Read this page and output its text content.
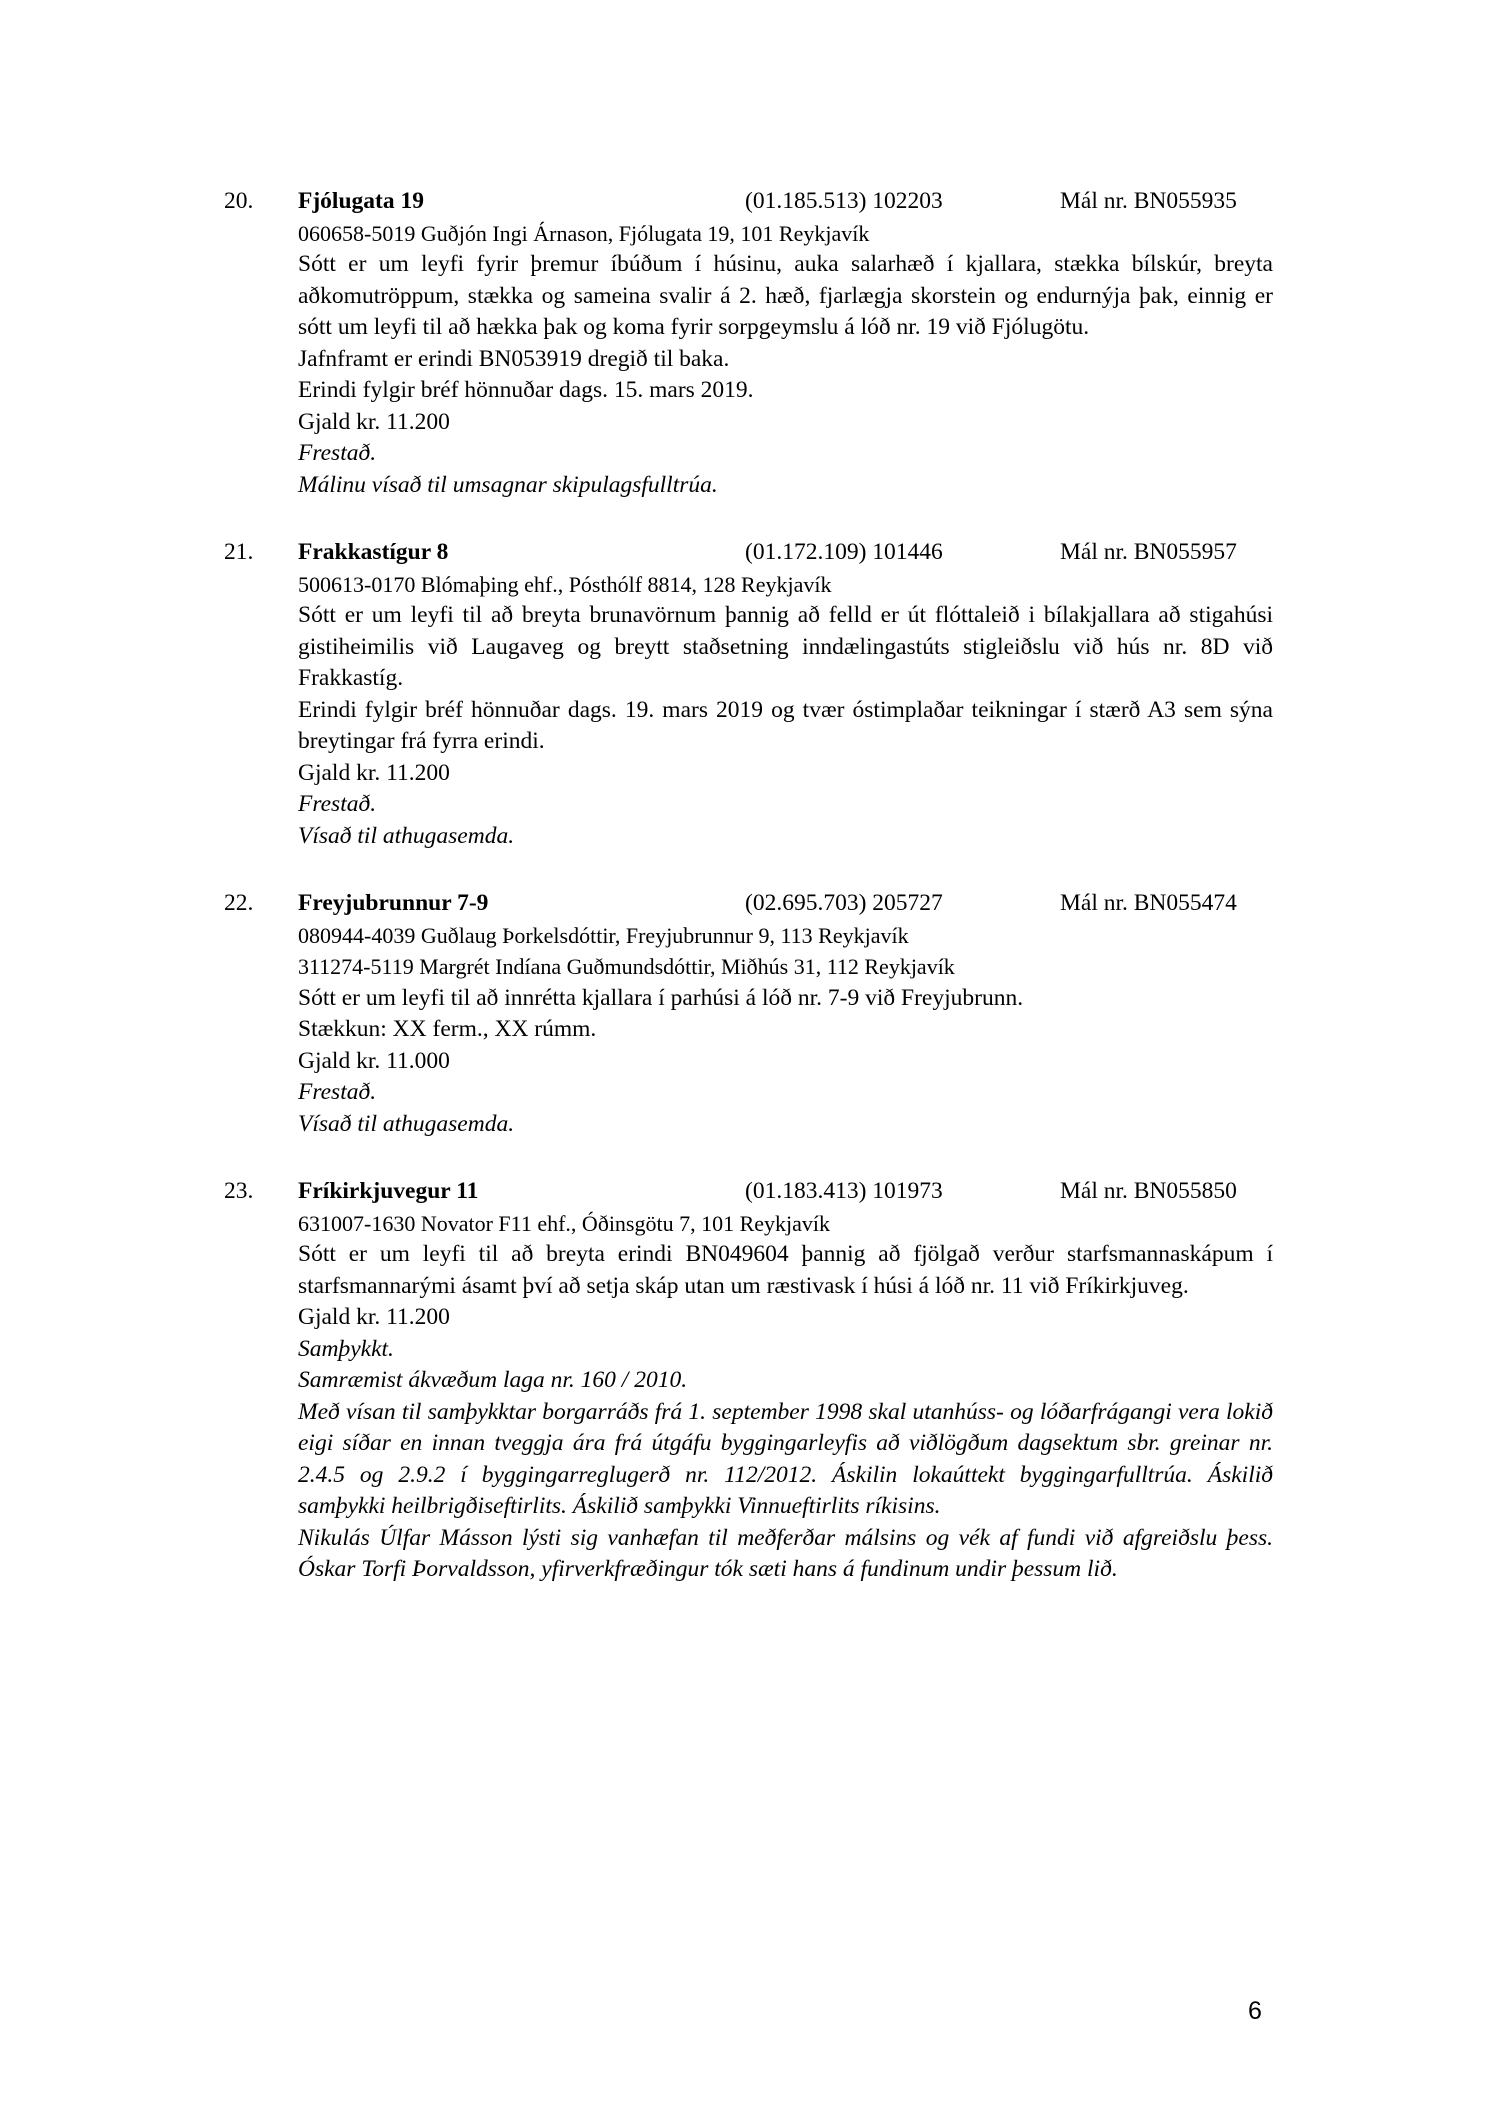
20. Fjólugata 19	(01.185.513) 102203	Mál nr. BN055935
060658-5019 Guðjón Ingi Árnason, Fjólugata 19, 101 Reykjavík
Sótt er um leyfi fyrir þremur íbúðum í húsinu, auka salarhæð í kjallara, stækka bílskúr, breyta aðkomutröppum, stækka og sameina svalir á 2. hæð, fjarlægja skorstein og endurnýja þak, einnig er sótt um leyfi til að hækka þak og koma fyrir sorpgeymslu á lóð nr. 19 við Fjólugötu.
Jafnframt er erindi BN053919 dregið til baka.
Erindi fylgir bréf hönnuðar dags. 15. mars 2019.
Gjald kr. 11.200
Frestað.
Málinu vísað til umsagnar skipulagsfulltrúa.
21. Frakkastígur 8	(01.172.109) 101446	Mál nr. BN055957
500613-0170 Blómaþing ehf., Pósthólf 8814, 128 Reykjavík
Sótt er um leyfi til að breyta brunavörnum þannig að felld er út flóttaleið i bílakjallara að stigahúsi gistiheimilis við Laugaveg og breytt staðsetning inndælingastúts stigleiðslu við hús nr. 8D við Frakkastíg.
Erindi fylgir bréf hönnuðar dags. 19. mars 2019 og tvær óstimplaðar teikningar í stærð A3 sem sýna breytingar frá fyrra erindi.
Gjald kr. 11.200
Frestað.
Vísað til athugasemda.
22. Freyjubrunnur 7-9	(02.695.703) 205727	Mál nr. BN055474
080944-4039 Guðlaug Þorkelsdóttir, Freyjubrunnur 9, 113 Reykjavík
311274-5119 Margrét Indíana Guðmundsdóttir, Miðhús 31, 112 Reykjavík
Sótt er um leyfi til að innrétta kjallara í parhúsi á lóð nr. 7-9 við Freyjubrunn.
Stækkun: XX ferm., XX rúmm.
Gjald kr. 11.000
Frestað.
Vísað til athugasemda.
23. Fríkirkjuvegur 11	(01.183.413) 101973	Mál nr. BN055850
631007-1630 Novator F11 ehf., Óðinsgötu 7, 101 Reykjavík
Sótt er um leyfi til að breyta erindi BN049604 þannig að fjölgað verður starfsmannaskápum í starfsmannarými ásamt því að setja skáp utan um ræstivask í húsi á lóð nr. 11 við Fríkirkjuveg.
Gjald kr. 11.200
Samþykkt.
Samræmist ákvæðum laga nr. 160 / 2010.
Með vísan til samþykktar borgarráðs frá 1. september 1998 skal utanhúss- og lóðarfrágangi vera lokið eigi síðar en innan tveggja ára frá útgáfu byggingarleyfis að viðlögðum dagsektum sbr. greinar nr. 2.4.5 og 2.9.2 í byggingarreglugerð nr. 112/2012. Áskilin lokaúttekt byggingarfulltrúa. Áskilið samþykki heilbrigðiseftirlits. Áskilið samþykki Vinnueftirlits ríkisins.
Nikulás Úlfar Másson lýsti sig vanhæfan til meðferðar málsins og vék af fundi við afgreiðslu þess. Óskar Torfi Þorvaldsson, yfirverkfræðingur tók sæti hans á fundinum undir þessum lið.
6
